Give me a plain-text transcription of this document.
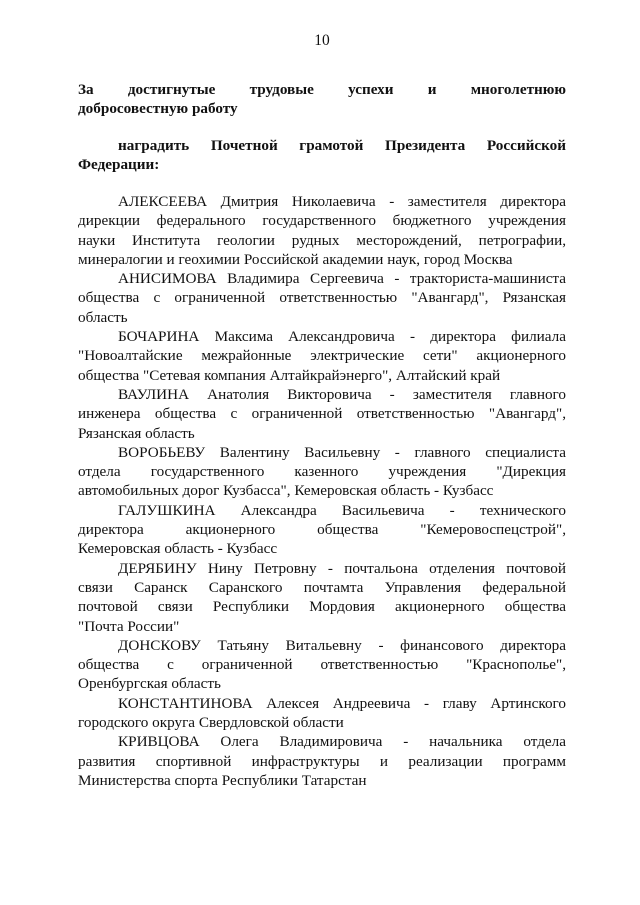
10
За достигнутые трудовые успехи и многолетнюю
добросовестную работу
наградить Почетной грамотой Президента Российской
Федерации:
АЛЕКСЕЕВА Дмитрия Николаевича - заместителя директора
дирекции федерального государственного бюджетного учреждения
науки Института геологии рудных месторождений, петрографии,
минералогии и геохимии Российской академии наук, город Москва
АНИСИМОВА Владимира Сергеевича - тракториста-машиниста
общества с ограниченной ответственностью "Авангард", Рязанская
область
БОЧАРИНА Максима Александровича - директора филиала
"Новоалтайские межрайонные электрические сети" акционерного
общества "Сетевая компания Алтайкрайэнерго", Алтайский край
ВАУЛИНА Анатолия Викторовича - заместителя главного
инженера общества с ограниченной ответственностью "Авангард",
Рязанская область
ВОРОБЬЕВУ Валентину Васильевну - главного специалиста
отдела государственного казенного учреждения "Дирекция
автомобильных дорог Кузбасса", Кемеровская область - Кузбасс
ГАЛУШКИНА Александра Васильевича - технического
директора акционерного общества "Кемеровоспецстрой",
Кемеровская область - Кузбасс
ДЕРЯБИНУ Нину Петровну - почтальона отделения почтовой
связи Саранск Саранского почтамта Управления федеральной
почтовой связи Республики Мордовия акционерного общества
"Почта России"
ДОНСКОВУ Татьяну Витальевну - финансового директора
общества с ограниченной ответственностью "Краснополье",
Оренбургская область
КОНСТАНТИНОВА Алексея Андреевича - главу Артинского
городского округа Свердловской области
КРИВЦОВА Олега Владимировича - начальника отдела
развития спортивной инфраструктуры и реализации программ
Министерства спорта Республики Татарстан
